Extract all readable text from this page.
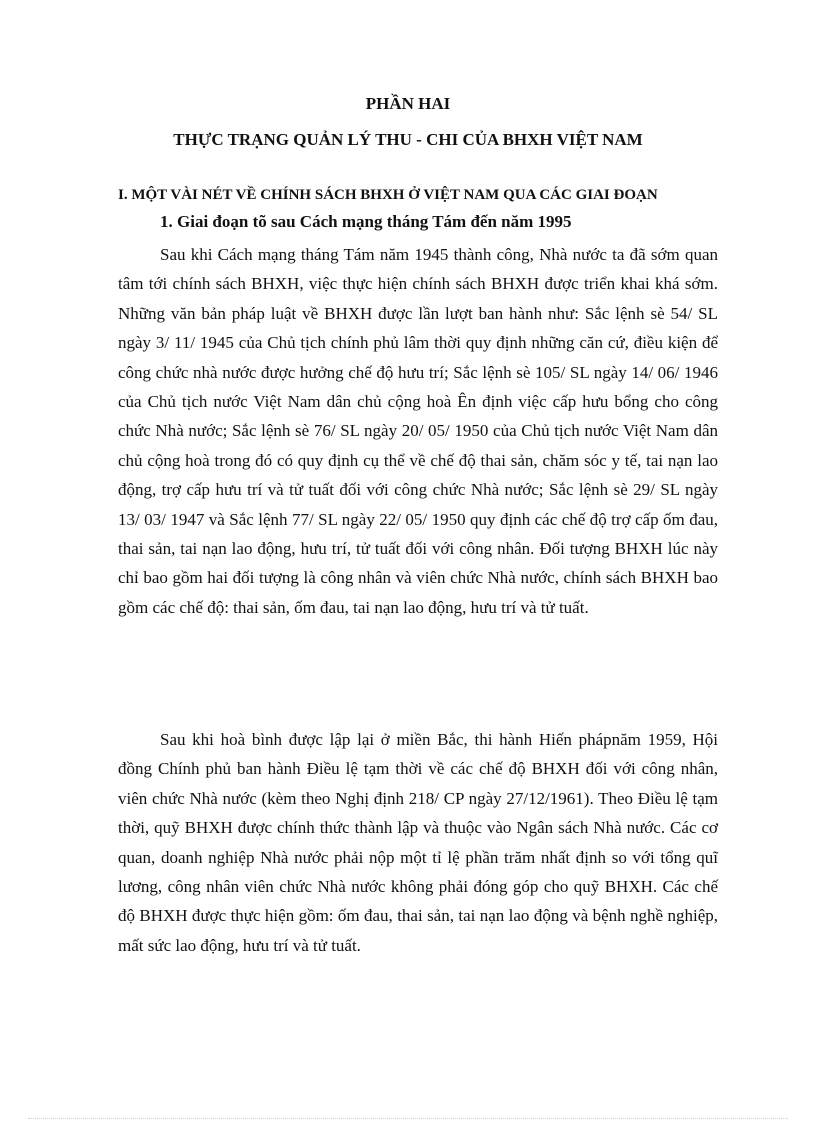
PHẦN HAI
THỰC TRẠNG QUẢN LÝ THU - CHI CỦA BHXH VIỆT NAM
I. MỘT VÀI NÉT VỀ CHÍNH SÁCH BHXH Ở VIỆT NAM QUA CÁC GIAI ĐOẠN
1. Giai đoạn tõ sau Cách mạng tháng Tám đến năm 1995

Sau khi Cách mạng tháng Tám năm 1945 thành công, Nhà nước ta đã sớm quan tâm tới chính sách BHXH, việc thực hiện chính sách BHXH được triển khai khá sớm. Những văn bản pháp luật về BHXH được lần lượt ban hành như: Sắc lệnh sè 54/ SL ngày 3/ 11/ 1945 của Chủ tịch chính phủ lâm thời quy định những căn cứ, điều kiện để công chức nhà nước được hưởng chế độ hưu trí; Sắc lệnh sè 105/ SL ngày 14/ 06/ 1946 của Chủ tịch nước Việt Nam dân chủ cộng hoà Ên định việc cấp hưu bổng cho công chức Nhà nước; Sắc lệnh sè 76/ SL ngày 20/ 05/ 1950 của Chủ tịch nước Việt Nam dân chủ cộng hoà trong đó có quy định cụ thể về chế độ thai sản, chăm sóc y tế, tai nạn lao động, trợ cấp hưu trí và tử tuất đối với công chức Nhà nước; Sắc lệnh sè 29/ SL ngày 13/ 03/ 1947 và Sắc lệnh 77/ SL ngày 22/ 05/ 1950 quy định các chế độ trợ cấp ốm đau, thai sản, tai nạn lao động, hưu trí, tử tuất đối với công nhân. Đối tượng BHXH lúc này chỉ bao gồm hai đối tượng là công nhân và viên chức Nhà nước, chính sách BHXH bao gồm các chế độ: thai sản, ốm đau, tai nạn lao động, hưu trí và tử tuất.

Sau khi hoà bình được lập lại ở miền Bắc, thi hành Hiến phápnăm 1959, Hội đồng Chính phủ ban hành Điều lệ tạm thời về các chế độ BHXH đối với công nhân, viên chức Nhà nước (kèm theo Nghị định 218/ CP ngày 27/12/1961). Theo Điều lệ tạm thời, quỹ BHXH được chính thức thành lập và thuộc vào Ngân sách Nhà nước. Các cơ quan, doanh nghiệp Nhà nước phải nộp một tỉ lệ phần trăm nhất định so với tổng quĩ lương, công nhân viên chức Nhà nước không phải đóng góp cho quỹ BHXH. Các chế độ BHXH được thực hiện gồm: ốm đau, thai sản, tai nạn lao động và bệnh nghề nghiệp, mất sức lao động, hưu trí và tử tuất.
